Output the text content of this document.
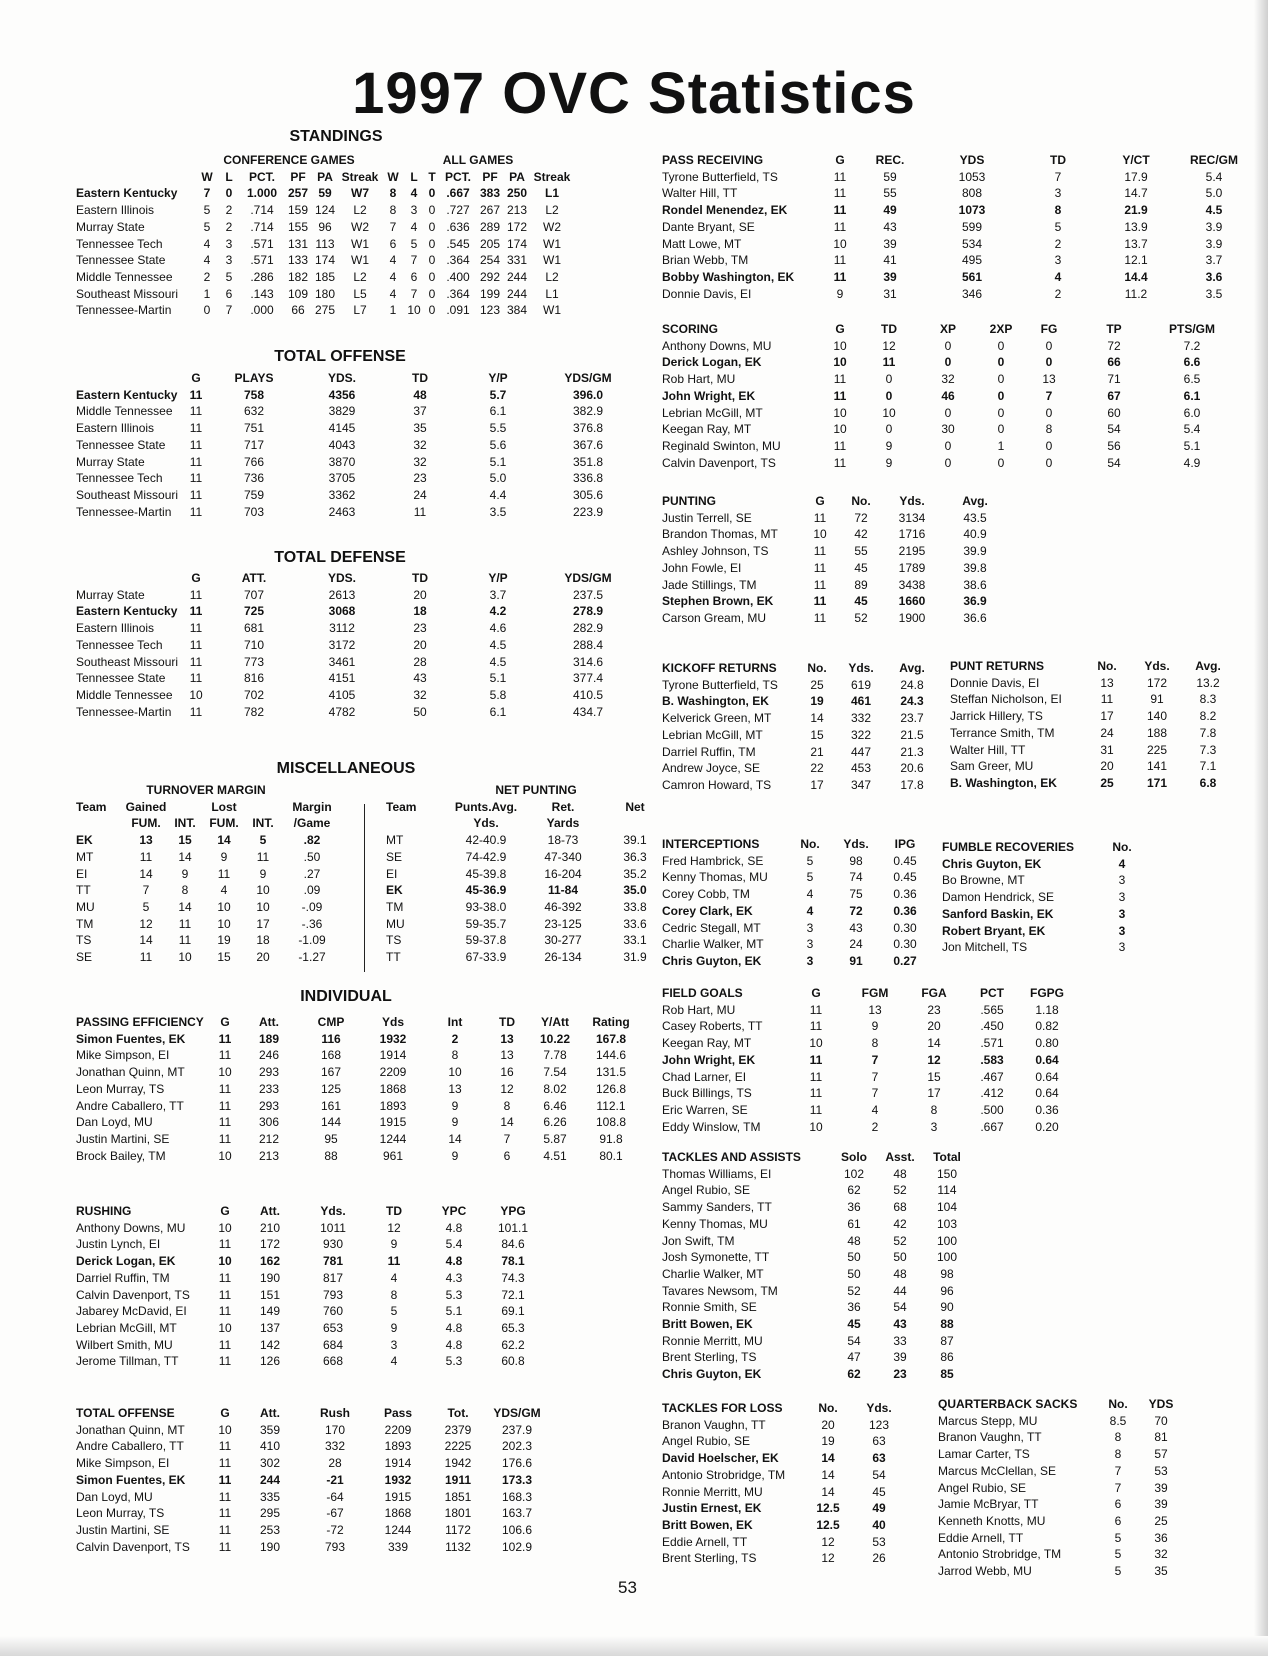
1997 OVC Statistics
STANDINGS
	CONFERENCE GAMES						ALL GAMES						
	W	L	PCT.	PF	PA	Streak	W	L	T	PCT.	PF	PA	Streak
Eastern Kentucky	7	0	1.000	257	59	W7	8	4	0	.667	383	250	L1
Eastern Illinois	5	2	.714	159	124	L2	8	3	0	.727	267	213	L2
Murray State	5	2	.714	155	96	W2	7	4	0	.636	289	172	W2
Tennessee Tech	4	3	.571	131	113	W1	6	5	0	.545	205	174	W1
Tennessee State	4	3	.571	133	174	W1	4	7	0	.364	254	331	W1
Middle Tennessee	2	5	.286	182	185	L2	4	6	0	.400	292	244	L2
Southeast Missouri	1	6	.143	109	180	L5	4	7	0	.364	199	244	L1
Tennessee-Martin	0	7	.000	66	275	L7	1	10	0	.091	123	384	W1
TOTAL OFFENSE
	G	PLAYS	YDS.	TD	Y/P	YDS/GM
Eastern Kentucky	11	758	4356	48	5.7	396.0
Middle Tennessee	11	632	3829	37	6.1	382.9
Eastern Illinois	11	751	4145	35	5.5	376.8
Tennessee State	11	717	4043	32	5.6	367.6
Murray State	11	766	3870	32	5.1	351.8
Tennessee Tech	11	736	3705	23	5.0	336.8
Southeast Missouri	11	759	3362	24	4.4	305.6
Tennessee-Martin	11	703	2463	11	3.5	223.9
TOTAL DEFENSE
	G	ATT.	YDS.	TD	Y/P	YDS/GM
Murray State	11	707	2613	20	3.7	237.5
Eastern Kentucky	11	725	3068	18	4.2	278.9
Eastern Illinois	11	681	3112	23	4.6	282.9
Tennessee Tech	11	710	3172	20	4.5	288.4
Southeast Missouri	11	773	3461	28	4.5	314.6
Tennessee State	11	816	4151	43	5.1	377.4
Middle Tennessee	10	702	4105	32	5.8	410.5
Tennessee-Martin	11	782	4782	50	6.1	434.7
MISCELLANEOUS
TURNOVER MARGIN
Team	Gained		Lost		Margin
	FUM.	INT.	FUM.	INT.	/Game
EK	13	15	14	5	.82
MT	11	14	9	11	.50
EI	14	9	11	9	.27
TT	7	8	4	10	.09
MU	5	14	10	10	-.09
TM	12	11	10	17	-.36
TS	14	11	19	18	-1.09
SE	11	10	15	20	-1.27
NET PUNTING
Team	Punts.Avg.	Ret.	Net
	Yds.	Yards	
MT	42-40.9	18-73	39.1
SE	74-42.9	47-340	36.3
EI	45-39.8	16-204	35.2
EK	45-36.9	11-84	35.0
TM	93-38.0	46-392	33.8
MU	59-35.7	23-125	33.6
TS	59-37.8	30-277	33.1
TT	67-33.9	26-134	31.9
INDIVIDUAL
PASSING EFFICIENCY	G	Att.	CMP	Yds	Int	TD	Y/Att	Rating
Simon Fuentes, EK	11	189	116	1932	2	13	10.22	167.8
Mike Simpson, EI	11	246	168	1914	8	13	7.78	144.6
Jonathan Quinn, MT	10	293	167	2209	10	16	7.54	131.5
Leon Murray, TS	11	233	125	1868	13	12	8.02	126.8
Andre Caballero, TT	11	293	161	1893	9	8	6.46	112.1
Dan Loyd, MU	11	306	144	1915	9	14	6.26	108.8
Justin Martini, SE	11	212	95	1244	14	7	5.87	91.8
Brock Bailey, TM	10	213	88	961	9	6	4.51	80.1
RUSHING	G	Att.	Yds.	TD	YPC	YPG
Anthony Downs, MU	10	210	1011	12	4.8	101.1
Justin Lynch, EI	11	172	930	9	5.4	84.6
Derick Logan, EK	10	162	781	11	4.8	78.1
Darriel Ruffin, TM	11	190	817	4	4.3	74.3
Calvin Davenport, TS	11	151	793	8	5.3	72.1
Jabarey McDavid, EI	11	149	760	5	5.1	69.1
Lebrian McGill, MT	10	137	653	9	4.8	65.3
Wilbert Smith, MU	11	142	684	3	4.8	62.2
Jerome Tillman, TT	11	126	668	4	5.3	60.8
TOTAL OFFENSE	G	Att.	Rush	Pass	Tot.	YDS/GM
Jonathan Quinn, MT	10	359	170	2209	2379	237.9
Andre Caballero, TT	11	410	332	1893	2225	202.3
Mike Simpson, EI	11	302	28	1914	1942	176.6
Simon Fuentes, EK	11	244	-21	1932	1911	173.3
Dan Loyd, MU	11	335	-64	1915	1851	168.3
Leon Murray, TS	11	295	-67	1868	1801	163.7
Justin Martini, SE	11	253	-72	1244	1172	106.6
Calvin Davenport, TS	11	190	793	339	1132	102.9
PASS RECEIVING	G	REC.	YDS	TD	Y/CT	REC/GM
Tyrone Butterfield, TS	11	59	1053	7	17.9	5.4
Walter Hill, TT	11	55	808	3	14.7	5.0
Rondel Menendez, EK	11	49	1073	8	21.9	4.5
Dante Bryant, SE	11	43	599	5	13.9	3.9
Matt Lowe, MT	10	39	534	2	13.7	3.9
Brian Webb, TM	11	41	495	3	12.1	3.7
Bobby Washington, EK	11	39	561	4	14.4	3.6
Donnie Davis, EI	9	31	346	2	11.2	3.5
SCORING	G	TD	XP	2XP	FG	TP	PTS/GM
Anthony Downs, MU	10	12	0	0	0	72	7.2
Derick Logan, EK	10	11	0	0	0	66	6.6
Rob Hart, MU	11	0	32	0	13	71	6.5
John Wright, EK	11	0	46	0	7	67	6.1
Lebrian McGill, MT	10	10	0	0	0	60	6.0
Keegan Ray, MT	10	0	30	0	8	54	5.4
Reginald Swinton, MU	11	9	0	1	0	56	5.1
Calvin Davenport, TS	11	9	0	0	0	54	4.9
PUNTING	G	No.	Yds.	Avg.
Justin Terrell, SE	11	72	3134	43.5
Brandon Thomas, MT	10	42	1716	40.9
Ashley Johnson, TS	11	55	2195	39.9
John Fowle, EI	11	45	1789	39.8
Jade Stillings, TM	11	89	3438	38.6
Stephen Brown, EK	11	45	1660	36.9
Carson Gream, MU	11	52	1900	36.6
KICKOFF RETURNS	No.	Yds.	Avg.
Tyrone Butterfield, TS	25	619	24.8
B. Washington, EK	19	461	24.3
Kelverick Green, MT	14	332	23.7
Lebrian McGill, MT	15	322	21.5
Darriel Ruffin, TM	21	447	21.3
Andrew Joyce, SE	22	453	20.6
Camron Howard, TS	17	347	17.8
PUNT RETURNS	No.	Yds.	Avg.
Donnie Davis, EI	13	172	13.2
Steffan Nicholson, EI	11	91	8.3
Jarrick Hillery, TS	17	140	8.2
Terrance Smith, TM	24	188	7.8
Walter Hill, TT	31	225	7.3
Sam Greer, MU	20	141	7.1
B. Washington, EK	25	171	6.8
INTERCEPTIONS	No.	Yds.	IPG
Fred Hambrick, SE	5	98	0.45
Kenny Thomas, MU	5	74	0.45
Corey Cobb, TM	4	75	0.36
Corey Clark, EK	4	72	0.36
Cedric Stegall, MT	3	43	0.30
Charlie Walker, MT	3	24	0.30
Chris Guyton, EK	3	91	0.27
FUMBLE RECOVERIES	No.
Chris Guyton, EK	4
Bo Browne, MT	3
Damon Hendrick, SE	3
Sanford Baskin, EK	3
Robert Bryant, EK	3
Jon Mitchell, TS	3
FIELD GOALS	G	FGM	FGA	PCT	FGPG
Rob Hart, MU	11	13	23	.565	1.18
Casey Roberts, TT	11	9	20	.450	0.82
Keegan Ray, MT	10	8	14	.571	0.80
John Wright, EK	11	7	12	.583	0.64
Chad Larner, EI	11	7	15	.467	0.64
Buck Billings, TS	11	7	17	.412	0.64
Eric Warren, SE	11	4	8	.500	0.36
Eddy Winslow, TM	10	2	3	.667	0.20
TACKLES AND ASSISTS	Solo	Asst.	Total
Thomas Williams, EI	102	48	150
Angel Rubio, SE	62	52	114
Sammy Sanders, TT	36	68	104
Kenny Thomas, MU	61	42	103
Jon Swift, TM	48	52	100
Josh Symonette, TT	50	50	100
Charlie Walker, MT	50	48	98
Tavares Newsom, TM	52	44	96
Ronnie Smith, SE	36	54	90
Britt Bowen, EK	45	43	88
Ronnie Merritt, MU	54	33	87
Brent Sterling, TS	47	39	86
Chris Guyton, EK	62	23	85
TACKLES FOR LOSS	No.	Yds.
Branon Vaughn, TT	20	123
Angel Rubio, SE	19	63
David Hoelscher, EK	14	63
Antonio Strobridge, TM	14	54
Ronnie Merritt, MU	14	45
Justin Ernest, EK	12.5	49
Britt Bowen, EK	12.5	40
Eddie Arnell, TT	12	53
Brent Sterling, TS	12	26
QUARTERBACK SACKS	No.	YDS
Marcus Stepp, MU	8.5	70
Branon Vaughn, TT	8	81
Lamar Carter, TS	8	57
Marcus McClellan, SE	7	53
Angel Rubio, SE	7	39
Jamie McBryar, TT	6	39
Kenneth Knotts, MU	6	25
Eddie Arnell, TT	5	36
Antonio Strobridge, TM	5	32
Jarrod Webb, MU	5	35
53
